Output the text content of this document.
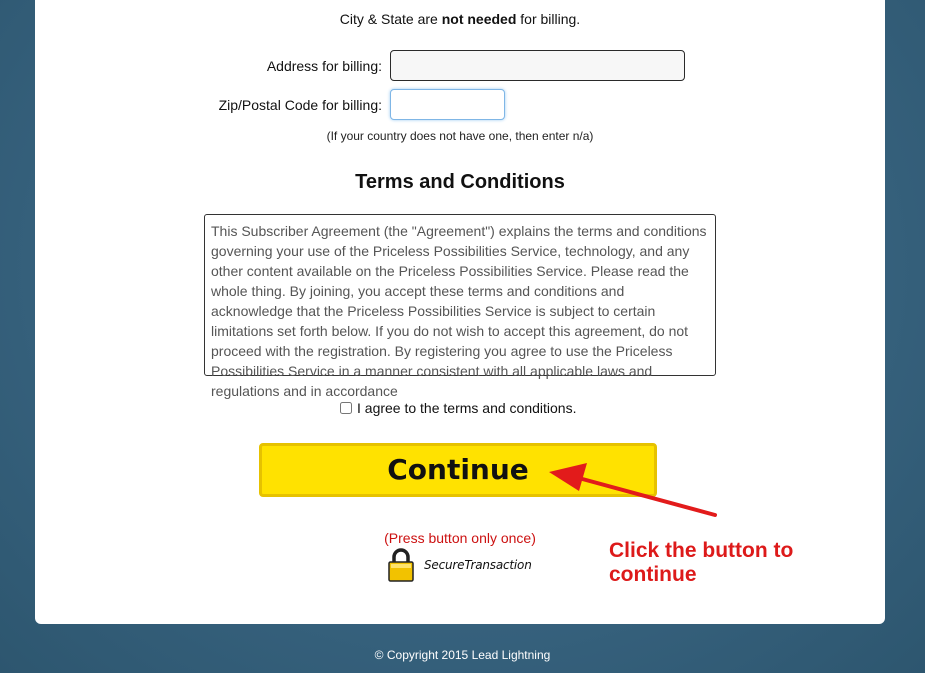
City & State are not needed for billing.
Address for billing:
Zip/Postal Code for billing:
(If your country does not have one, then enter n/a)
Terms and Conditions
This Subscriber Agreement (the "Agreement") explains the terms and conditions governing your use of the Priceless Possibilities Service, technology, and any other content available on the Priceless Possibilities Service. Please read the whole thing. By joining, you accept these terms and conditions and acknowledge that the Priceless Possibilities Service is subject to certain limitations set forth below. If you do not wish to accept this agreement, do not proceed with the registration. By registering you agree to use the Priceless Possibilities Service in a manner consistent with all applicable laws and regulations and in accordance
I agree to the terms and conditions.
Continue
(Press button only once)
SecureTransaction
Click the button to
continue
© Copyright 2015 Lead Lightning
